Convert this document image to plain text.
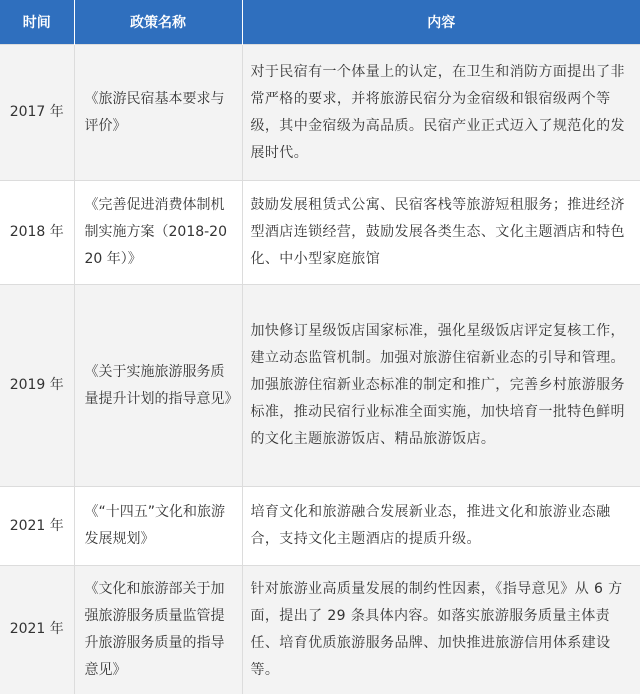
时间	政策名称	内容
2017 年	《旅游民宿基本要求与评价》	对于民宿有一个体量上的认定，在卫生和消防方面提出了非常严格的要求，并将旅游民宿分为金宿级和银宿级两个等级，其中金宿级为高品质。民宿产业正式迈入了规范化的发展时代。
2018 年	《完善促进消费体制机制实施方案（2018-2020 年）》	鼓励发展租赁式公寓、民宿客栈等旅游短租服务；推进经济型酒店连锁经营，鼓励发展各类生态、文化主题酒店和特色化、中小型家庭旅馆
2019 年	《关于实施旅游服务质量提升计划的指导意见》	加快修订星级饭店国家标准，强化星级饭店评定复核工作，建立动态监管机制。加强对旅游住宿新业态的引导和管理。加强旅游住宿新业态标准的制定和推广，完善乡村旅游服务标准，推动民宿行业标准全面实施，加快培育一批特色鲜明的文化主题旅游饭店、精品旅游饭店。
2021 年	《“十四五”文化和旅游发展规划》	培育文化和旅游融合发展新业态，推进文化和旅游业态融合，支持文化主题酒店的提质升级。
2021 年	《文化和旅游部关于加强旅游服务质量监管提升旅游服务质量的指导意见》	针对旅游业高质量发展的制约性因素，《指导意见》从 6 方面，提出了 29 条具体内容。如落实旅游服务质量主体责任、培育优质旅游服务品牌、加快推进旅游信用体系建设等。
